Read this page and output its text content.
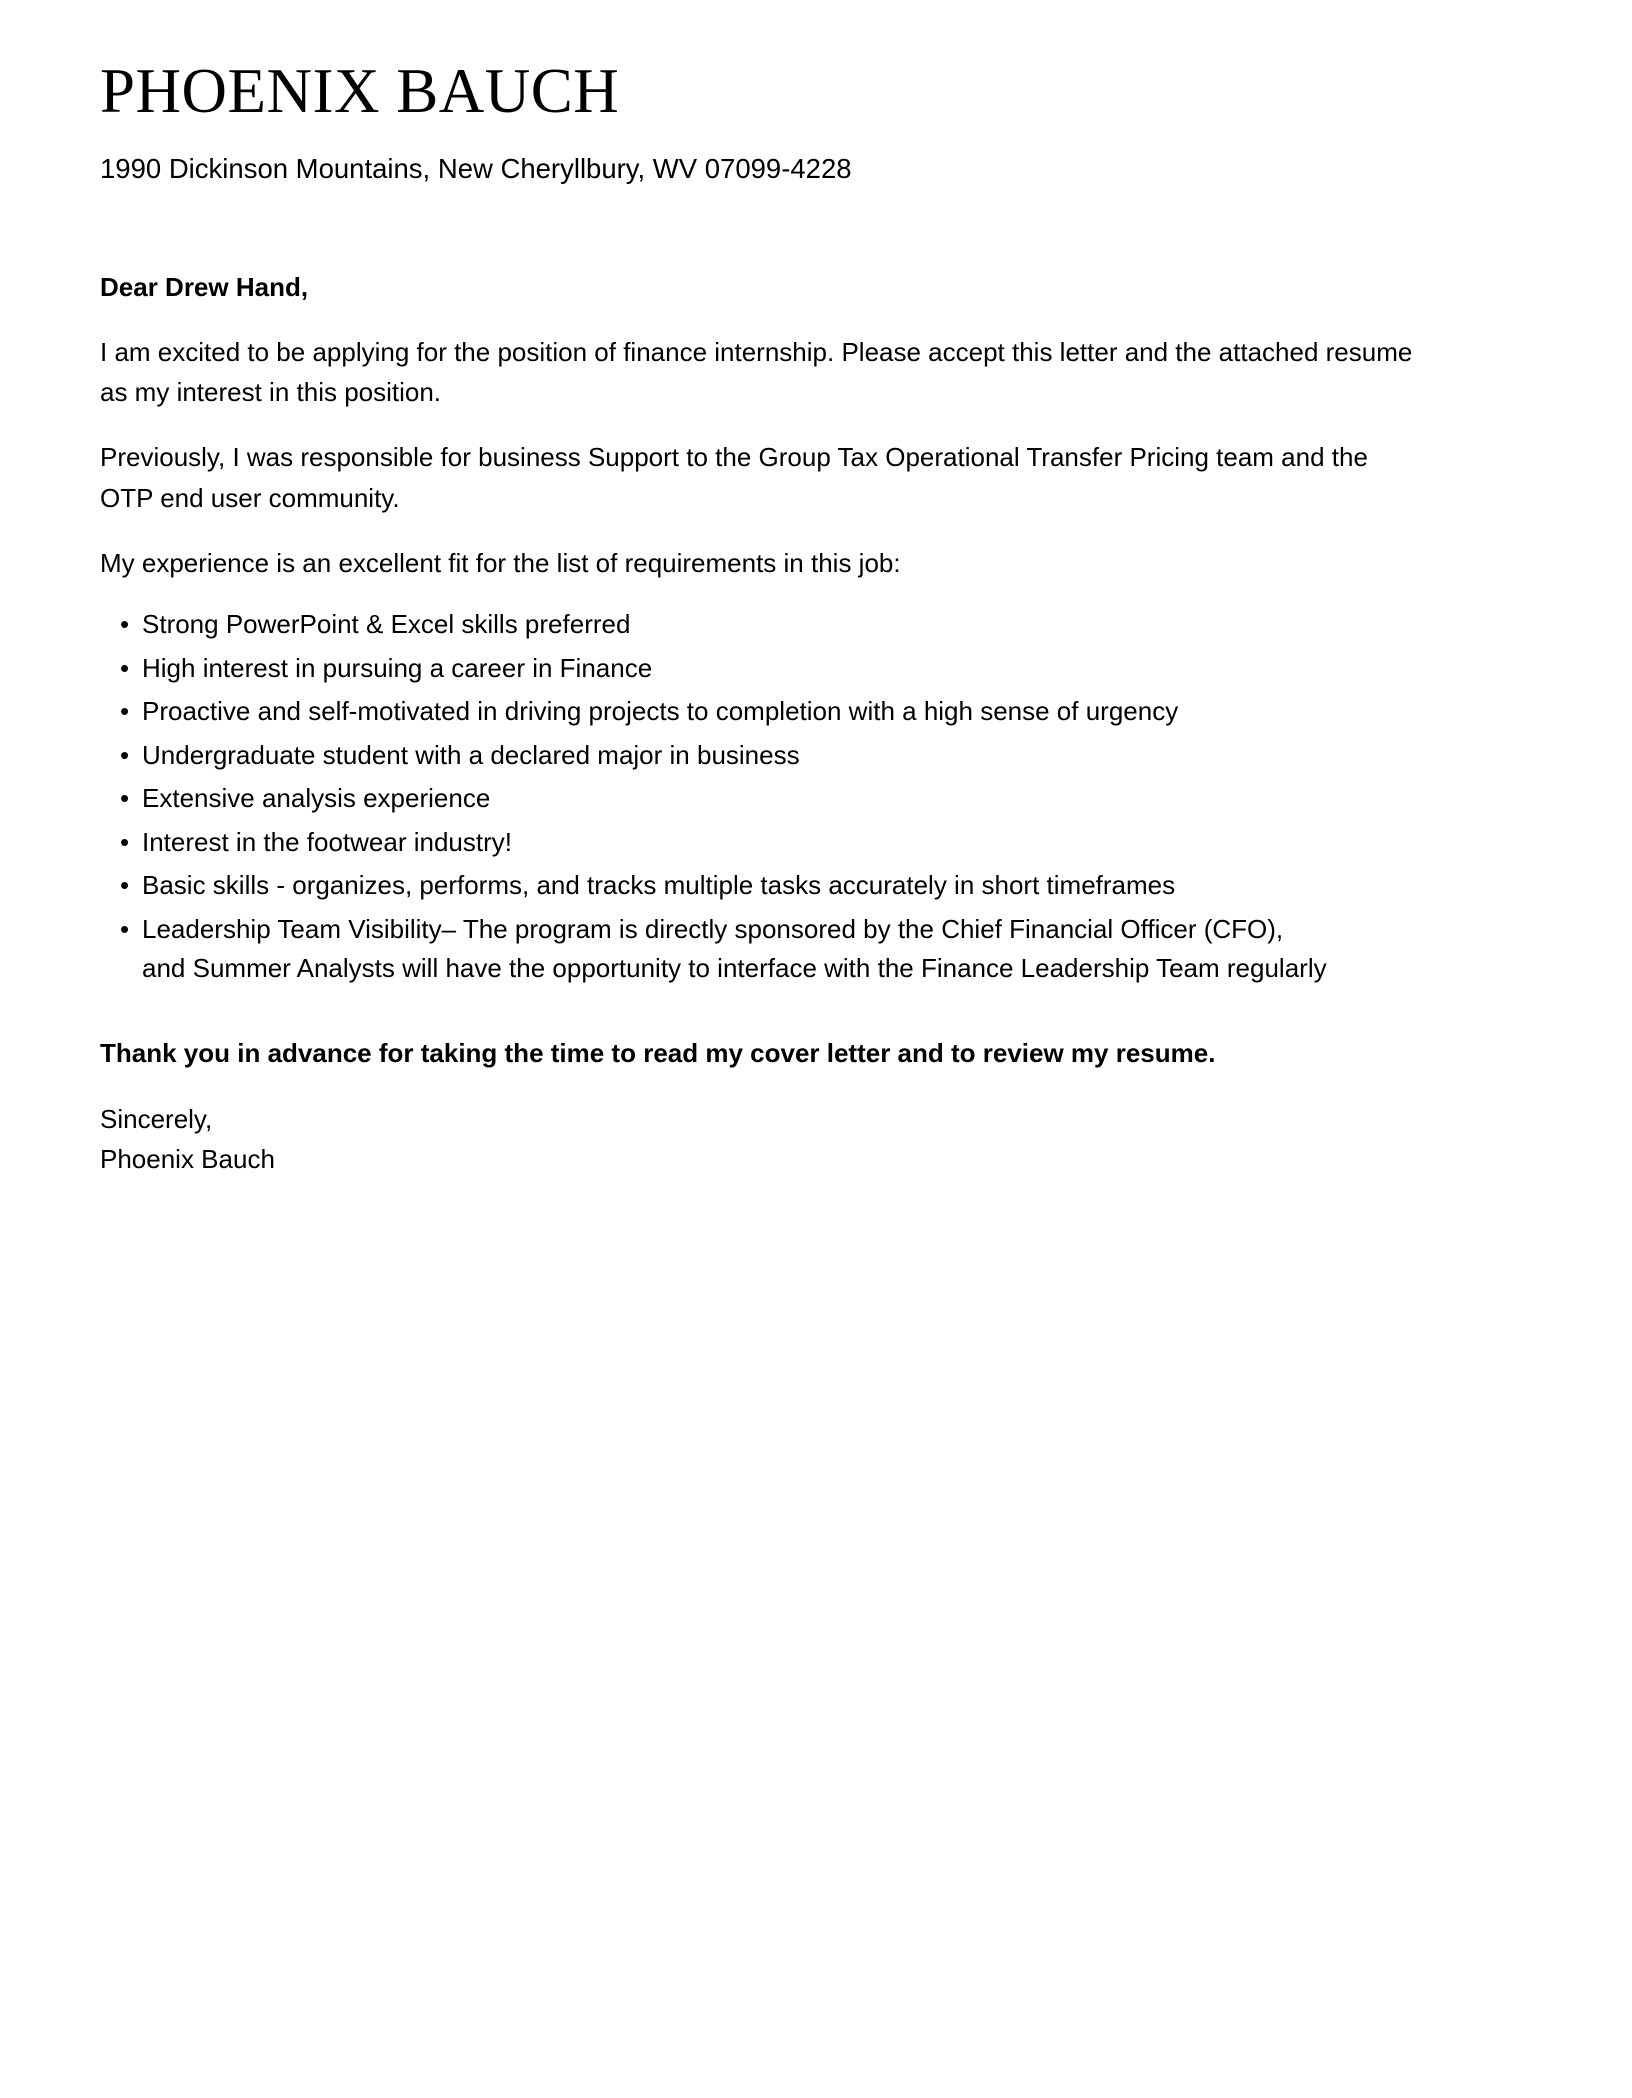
PHOENIX BAUCH
1990 Dickinson Mountains, New Cheryllbury, WV 07099-4228
Dear Drew Hand,

I am excited to be applying for the position of finance internship. Please accept this letter and the attached resume as my interest in this position.

Previously, I was responsible for business Support to the Group Tax Operational Transfer Pricing team and the OTP end user community.

My experience is an excellent fit for the list of requirements in this job:

• Strong PowerPoint & Excel skills preferred
• High interest in pursuing a career in Finance
• Proactive and self-motivated in driving projects to completion with a high sense of urgency
• Undergraduate student with a declared major in business
• Extensive analysis experience
• Interest in the footwear industry!
• Basic skills - organizes, performs, and tracks multiple tasks accurately in short timeframes
• Leadership Team Visibility– The program is directly sponsored by the Chief Financial Officer (CFO), and Summer Analysts will have the opportunity to interface with the Finance Leadership Team regularly

Thank you in advance for taking the time to read my cover letter and to review my resume.

Sincerely,
Phoenix Bauch
